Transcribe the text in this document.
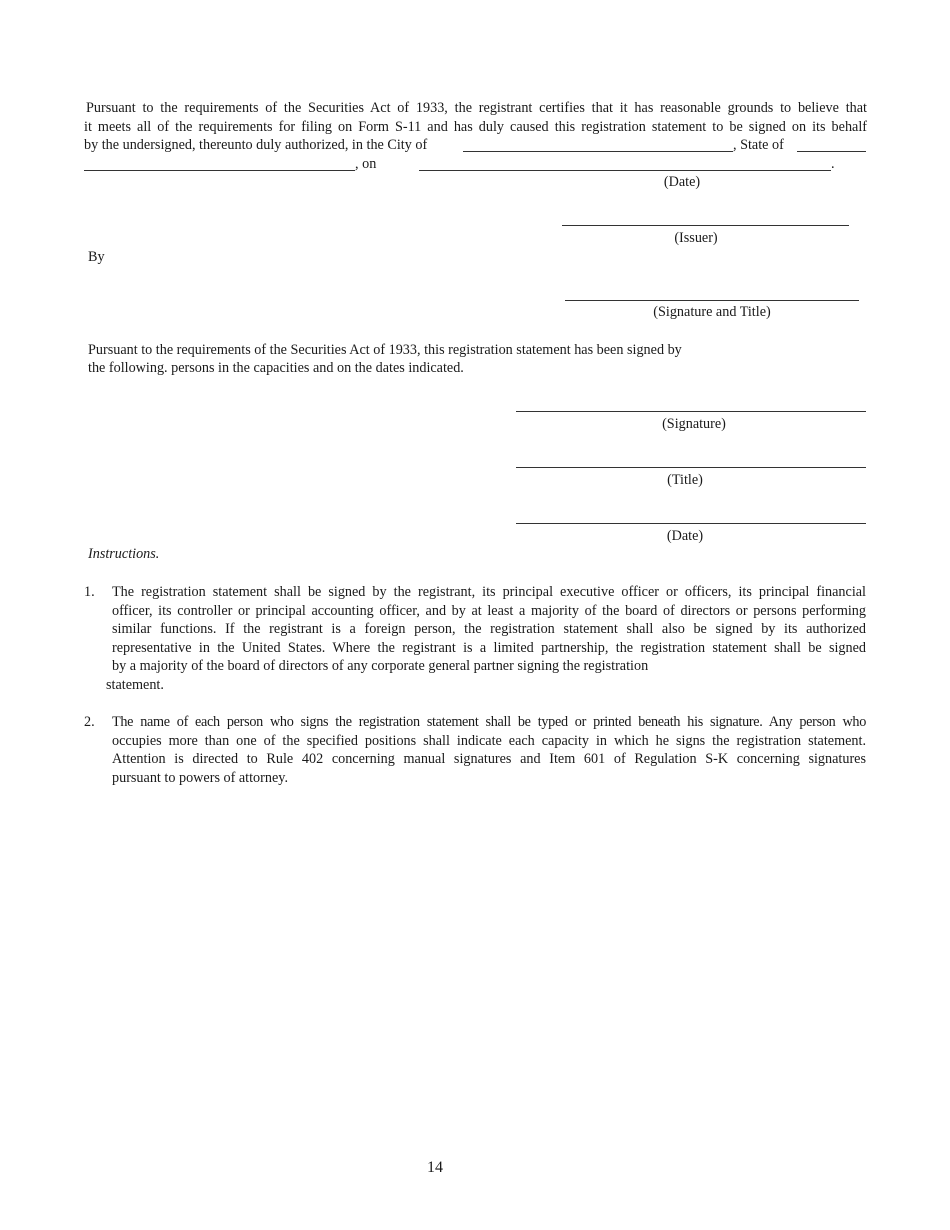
Pursuant to the requirements of the Securities Act of 1933, the registrant certifies that it has reasonable grounds to believe that
it meets all of the requirements for filing on Form S-11 and has duly caused this registration statement to be signed on its behalf
by the undersigned, thereunto duly authorized, in the City of	, State of
, on	.
(Date)
(Issuer)
By
(Signature and Title)
Pursuant to the requirements of the Securities Act of 1933, this registration statement has been signed by
the following. persons in the capacities and on the dates indicated.
(Signature)
(Title)
(Date)
Instructions.
1. The registration statement shall be signed by the registrant, its principal executive officer or officers, its principal financial
officer, its controller or principal accounting officer, and by at least a majority of the board of directors or persons performing
similar functions. If the registrant is a foreign person, the registration statement shall also be signed by its authorized
representative in the United States. Where the registrant is a limited partnership, the registration statement shall be signed
by a majority of the board of directors of any corporate general partner signing the registration
statement.
2. The name of each person who signs the registration statement shall be typed or printed beneath his signature. Any person who
occupies more than one of the specified positions shall indicate each capacity in which he signs the registration statement.
Attention is directed to Rule 402 concerning manual signatures and Item 601 of Regulation S-K concerning signatures
pursuant to powers of attorney.
14
